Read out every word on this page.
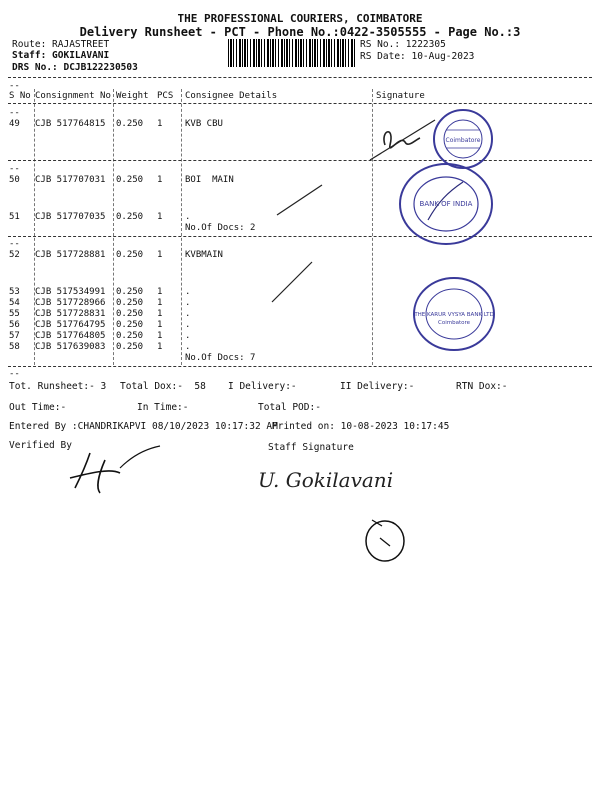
THE PROFESSIONAL COURIERS, COIMBATORE
Delivery Runsheet - PCT - Phone No.:0422-3505555 - Page No.:3
Route: RAJASTREET
Staff: GOKILAVANI
DRS No.: DCJB122230503
RS No.: 1222305
RS Date: 10-Aug-2023
--
S No Consignment No Weight PCS Consignee Details	Signature
--
49 CJB 517764815 0.250 1	KVB CBU
--
50 CJB 517707031 0.250 1	BOI  MAIN
51 CJB 517707035 0.250 1	.
No.Of Docs: 2
--
52 CJB 517728881 0.250 1	KVBMAIN
53 CJB 517534991 0.250 1	.
54 CJB 517728966 0.250 1	.
55 CJB 517728831 0.250 1	.
56 CJB 517764795 0.250 1	.
57 CJB 517764805 0.250 1	.
58 CJB 517639083 0.250 1	.
No.Of Docs: 7
--
Coimbatore
BANK OF INDIA
THE KARUR VYSYA BANK LTD
Coimbatore
Tot. Runsheet:- 3 Total Dox:-  58 I Delivery:-	II Delivery:-	RTN Dox:-
Out Time:-	In Time:-	Total POD:-
Entered By :CHANDRIKAPVI 08/10/2023 10:17:32 AM
Printed on: 10-08-2023 10:17:45
Verified By	Staff Signature
U. Gokilavani
